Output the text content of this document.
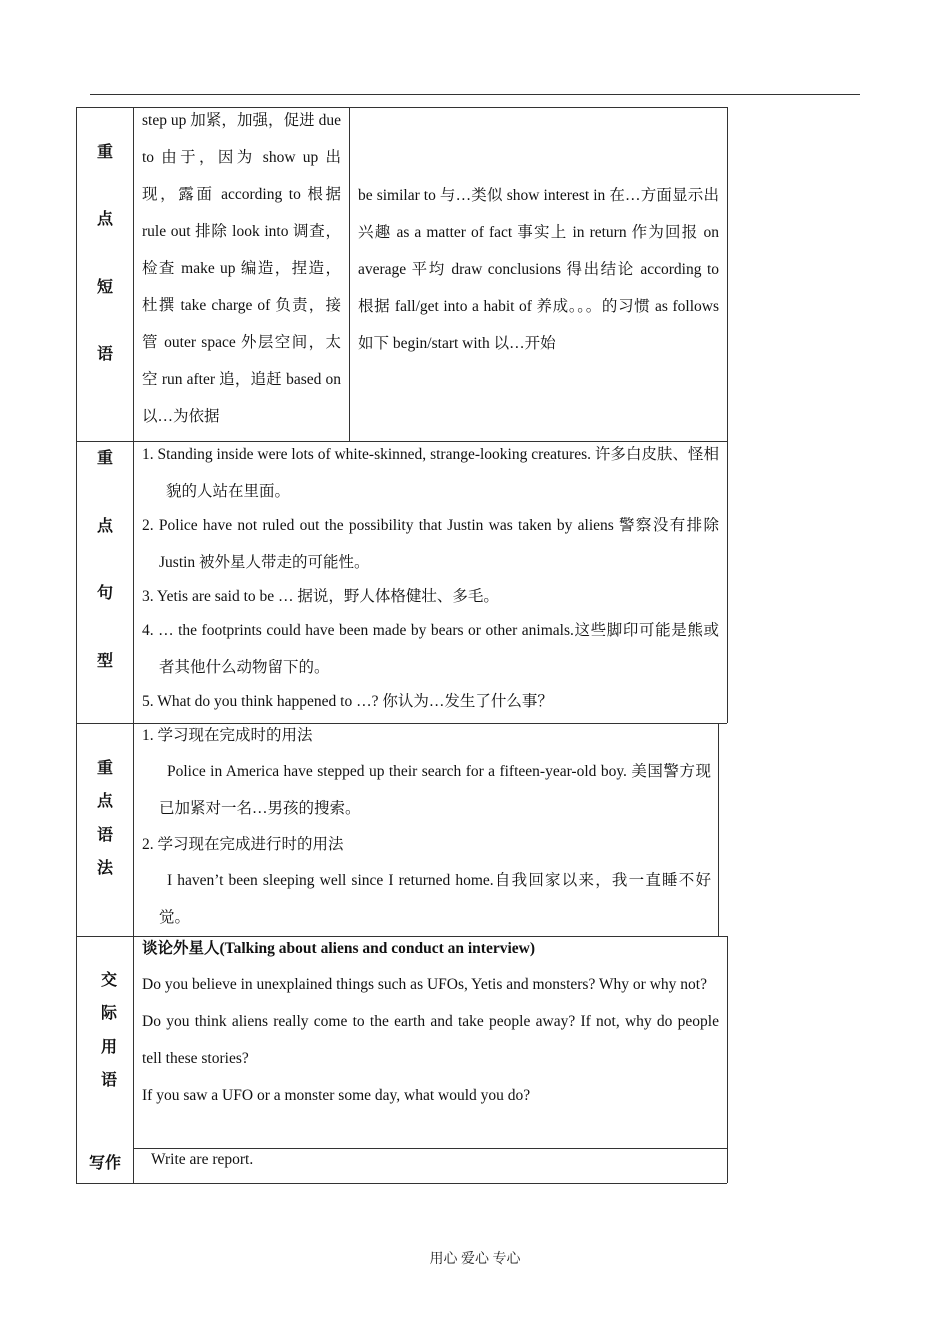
重
点
短
语
step up 加紧，加强，促进 due to 由于，因为 show up 出现，露面 according to 根据 rule out 排除 look into 调查，检查 make up 编造，捏造，杜撰 take charge of 负责，接管 outer space 外层空间，太空 run after 追，追赶 based on 以…为依据
be similar to 与…类似 show interest in 在…方面显示出兴趣 as a matter of fact 事实上 in return 作为回报 on average 平均 draw conclusions 得出结论 according to 根据 fall/get into a habit of 养成。。。的习惯 as follows 如下 begin/start with 以…开始
重
点
句
型

1. Standing inside were lots of white-skinned, strange-looking creatures. 许多白皮肤、怪相貌的人站在里面。

2. Police have not ruled out the possibility that Justin was taken by aliens 警察没有排除 Justin 被外星人带走的可能性。

3. Yetis are said to be … 据说，野人体格健壮、多毛。

4. … the footprints could have been made by bears or other animals.这些脚印可能是熊或者其他什么动物留下的。

5. What do you think happened to …? 你认为…发生了什么事？

重
点
语
法

1. 学习现在完成时的用法

Police in America have stepped up their search for a fifteen-year-old boy. 美国警方现已加紧对一名…男孩的搜索。

2. 学习现在完成进行时的用法

I haven’t been sleeping well since I returned home.自我回家以来，我一直睡不好觉。

交
际
用
语

谈论外星人(Talking about aliens and conduct an interview)

Do you believe in unexplained things such as UFOs, Yetis and monsters? Why or why not?

Do you think aliens really come to the earth and take people away? If not, why do people tell these stories?

If you saw a UFO or a monster some day, what would you do?

写作	Write are report.
用心 爱心 专心
